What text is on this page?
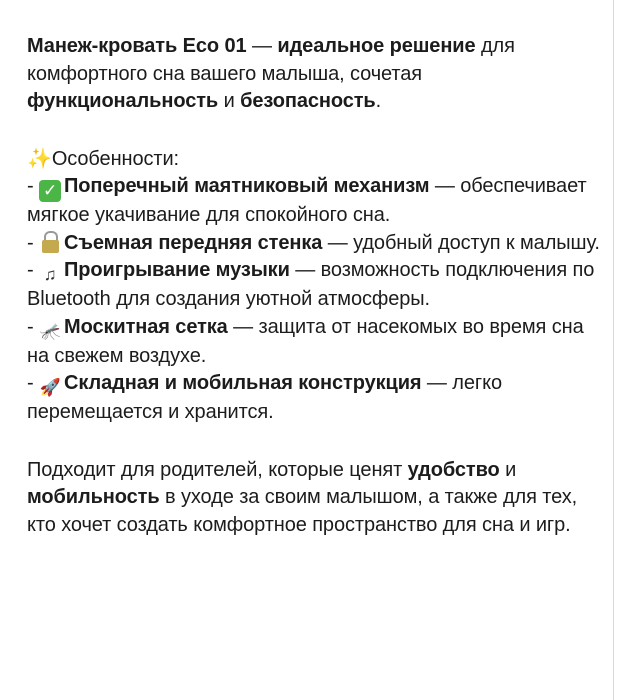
Манеж-кровать Eco 01 — идеальное решение для комфортного сна вашего малыша, сочетая функциональность и безопасность.

✨Особенности:
- ✓ Поперечный маятниковый механизм — обеспечивает мягкое укачивание для спокойного сна.
- Съемная передняя стенка — удобный доступ к малышу.
- ♫ Проигрывание музыки — возможность подключения по Bluetooth для создания уютной атмосферы.
- 🦟 Москитная сетка — защита от насекомых во время сна на свежем воздухе.
- 🚀 Складная и мобильная конструкция — легко перемещается и хранится.

Подходит для родителей, которые ценят удобство и мобильность в уходе за своим малышом, а также для тех, кто хочет создать комфортное пространство для сна и игр.
